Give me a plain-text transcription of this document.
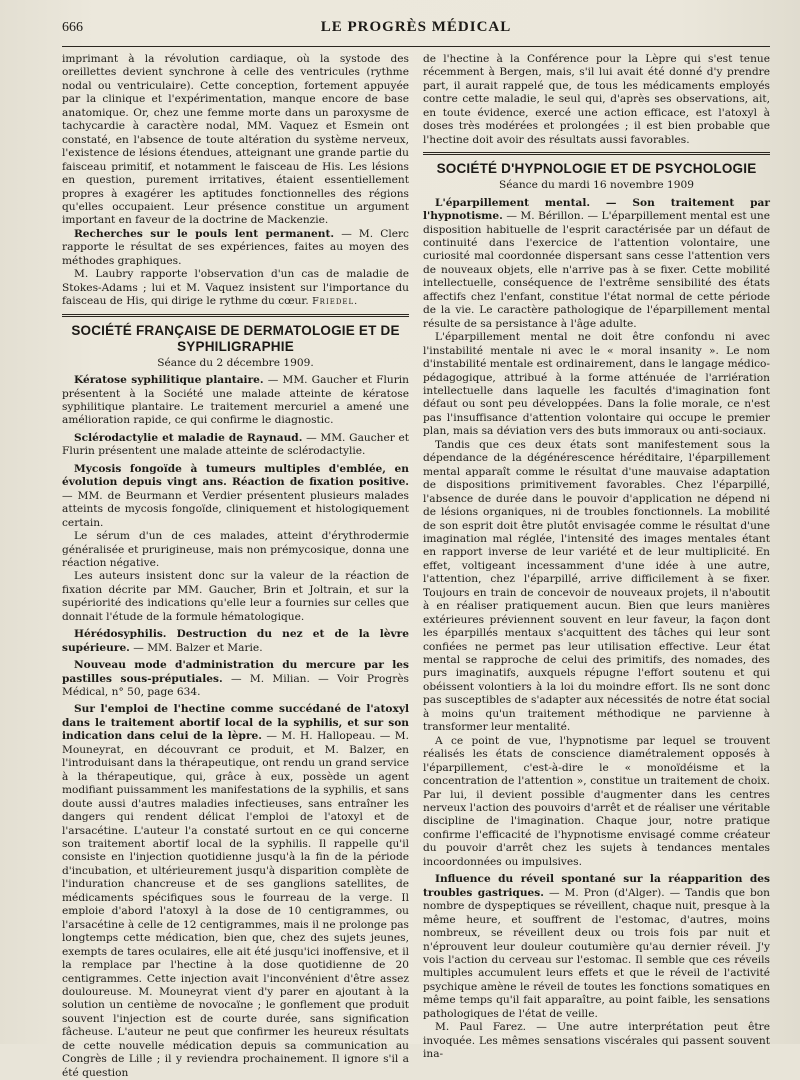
666	LE PROGRÈS MÉDICAL

imprimant à la révolution cardiaque, où la systode des oreillettes devient synchrone à celle des ventricules (rythme nodal ou ventriculaire). Cette conception, fortement appuyée par la clinique et l'expérimentation, manque encore de base anatomique. Or, chez une femme morte dans un paroxysme de tachycardie à caractère nodal, MM. Vaquez et Esmein ont constaté, en l'absence de toute altération du système nerveux, l'existence de lésions étendues, atteignant une grande partie du faisceau primitif, et notamment le faisceau de His. Les lésions en question, purement irritatives, étaient essentiellement propres à exagérer les aptitudes fonctionnelles des régions qu'elles occupaient. Leur présence constitue un argument important en faveur de la doctrine de Mackenzie.

Recherches sur le pouls lent permanent. — M. Clerc rapporte le résultat de ses expériences, faites au moyen des méthodes graphiques.

M. Laubry rapporte l'observation d'un cas de maladie de Stokes-Adams ; lui et M. Vaquez insistent sur l'importance du faisceau de His, qui dirige le rythme du cœur. Friedel.

SOCIÉTÉ FRANÇAISE DE DERMATOLOGIE ET DE SYPHILIGRAPHIE
Séance du 2 décembre 1909.

Kératose syphilitique plantaire. — MM. Gaucher et Flurin présentent à la Société une malade atteinte de kératose syphilitique plantaire. Le traitement mercuriel a amené une amélioration rapide, ce qui confirme le diagnostic.

Sclérodactylie et maladie de Raynaud. — MM. Gaucher et Flurin présentent une malade atteinte de sclérodactylie.

Mycosis fongoïde à tumeurs multiples d'emblée, en évolution depuis vingt ans. Réaction de fixation positive. — MM. de Beurmann et Verdier présentent plusieurs malades atteints de mycosis fongoïde, cliniquement et histologiquement certain.

Le sérum d'un de ces malades, atteint d'érythrodermie généralisée et prurigineuse, mais non prémycosique, donna une réaction négative.

Les auteurs insistent donc sur la valeur de la réaction de fixation décrite par MM. Gaucher, Brin et Joltrain, et sur la supériorité des indications qu'elle leur a fournies sur celles que donnait l'étude de la formule hématologique.

Hérédosyphilis. Destruction du nez et de la lèvre supérieure. — MM. Balzer et Marie.

Nouveau mode d'administration du mercure par les pastilles sous-préputiales. — M. Milian. — Voir Progrès Médical, n° 50, page 634.

Sur l'emploi de l'hectine comme succédané de l'atoxyl dans le traitement abortif local de la syphilis, et sur son indication dans celui de la lèpre. — M. H. Hallopeau. — M. Mouneyrat, en découvrant ce produit, et M. Balzer, en l'introduisant dans la thérapeutique, ont rendu un grand service à la thérapeutique, qui, grâce à eux, possède un agent modifiant puissamment les manifestations de la syphilis, et sans doute aussi d'autres maladies infectieuses, sans entraîner les dangers qui rendent délicat l'emploi de l'atoxyl et de l'arsacétine. L'auteur l'a constaté surtout en ce qui concerne son traitement abortif local de la syphilis. Il rappelle qu'il consiste en l'injection quotidienne jusqu'à la fin de la période d'incubation, et ultérieurement jusqu'à disparition complète de l'induration chancreuse et de ses ganglions satellites, de médicaments spécifiques sous le fourreau de la verge. Il emploie d'abord l'atoxyl à la dose de 10 centigrammes, ou l'arsacétine à celle de 12 centigrammes, mais il ne prolonge pas longtemps cette médication, bien que, chez des sujets jeunes, exempts de tares oculaires, elle ait été jusqu'ici inoffensive, et il la remplace par l'hectine à la dose quotidienne de 20 centigrammes. Cette injection avait l'inconvénient d'être assez douloureuse. M. Mouneyrat vient d'y parer en ajoutant à la solution un centième de novocaïne ; le gonflement que produit souvent l'injection est de courte durée, sans signification fâcheuse. L'auteur ne peut que confirmer les heureux résultats de cette nouvelle médication depuis sa communication au Congrès de Lille ; il y reviendra prochainement. Il ignore s'il a été question

de l'hectine à la Conférence pour la Lèpre qui s'est tenue récemment à Bergen, mais, s'il lui avait été donné d'y prendre part, il aurait rappelé que, de tous les médicaments employés contre cette maladie, le seul qui, d'après ses observations, ait, en toute évidence, exercé une action efficace, est l'atoxyl à doses très modérées et prolongées ; il est bien probable que l'hectine doit avoir des résultats aussi favorables.

SOCIÉTÉ D'HYPNOLOGIE ET DE PSYCHOLOGIE
Séance du mardi 16 novembre 1909

L'éparpillement mental. — Son traitement par l'hypnotisme. — M. Bérillon. — L'éparpillement mental est une disposition habituelle de l'esprit caractérisée par un défaut de continuité dans l'exercice de l'attention volontaire, une curiosité mal coordonnée dispersant sans cesse l'attention vers de nouveaux objets, elle n'arrive pas à se fixer. Cette mobilité intellectuelle, conséquence de l'extrême sensibilité des états affectifs chez l'enfant, constitue l'état normal de cette période de la vie. Le caractère pathologique de l'éparpillement mental résulte de sa persistance à l'âge adulte.

L'éparpillement mental ne doit être confondu ni avec l'instabilité mentale ni avec le « moral insanity ». Le nom d'instabilité mentale est ordinairement, dans le langage médico-pédagogique, attribué à la forme atténuée de l'arriération intellectuelle dans laquelle les facultés d'imagination font défaut ou sont peu développées. Dans la folie morale, ce n'est pas l'insuffisance d'attention volontaire qui occupe le premier plan, mais sa déviation vers des buts immoraux ou anti-sociaux.

Tandis que ces deux états sont manifestement sous la dépendance de la dégénérescence héréditaire, l'éparpillement mental apparaît comme le résultat d'une mauvaise adaptation de dispositions primitivement favorables. Chez l'éparpillé, l'absence de durée dans le pouvoir d'application ne dépend ni de lésions organiques, ni de troubles fonctionnels. La mobilité de son esprit doit être plutôt envisagée comme le résultat d'une imagination mal réglée, l'intensité des images mentales étant en rapport inverse de leur variété et de leur multiplicité. En effet, voltigeant incessamment d'une idée à une autre, l'attention, chez l'éparpillé, arrive difficilement à se fixer. Toujours en train de concevoir de nouveaux projets, il n'aboutit à en réaliser pratiquement aucun. Bien que leurs manières extérieures préviennent souvent en leur faveur, la façon dont les éparpillés mentaux s'acquittent des tâches qui leur sont confiées ne permet pas leur utilisation effective. Leur état mental se rapproche de celui des primitifs, des nomades, des purs imaginatifs, auxquels répugne l'effort soutenu et qui obéissent volontiers à la loi du moindre effort. Ils ne sont donc pas susceptibles de s'adapter aux nécessités de notre état social à moins qu'un traitement méthodique ne parvienne à transformer leur mentalité.

A ce point de vue, l'hypnotisme par lequel se trouvent réalisés les états de conscience diamétralement opposés à l'éparpillement, c'est-à-dire le « monoïdéisme et la concentration de l'attention », constitue un traitement de choix. Par lui, il devient possible d'augmenter dans les centres nerveux l'action des pouvoirs d'arrêt et de réaliser une véritable discipline de l'imagination. Chaque jour, notre pratique confirme l'efficacité de l'hypnotisme envisagé comme créateur du pouvoir d'arrêt chez les sujets à tendances mentales incoordonnées ou impulsives.

Influence du réveil spontané sur la réapparition des troubles gastriques. — M. Pron (d'Alger). — Tandis que bon nombre de dyspeptiques se réveillent, chaque nuit, presque à la même heure, et souffrent de l'estomac, d'autres, moins nombreux, se réveillent deux ou trois fois par nuit et n'éprouvent leur douleur coutumière qu'au dernier réveil. J'y vois l'action du cerveau sur l'estomac. Il semble que ces réveils multiples accumulent leurs effets et que le réveil de l'activité psychique amène le réveil de toutes les fonctions somatiques en même temps qu'il fait apparaître, au point faible, les sensations pathologiques de l'état de veille.

M. Paul Farez. — Une autre interprétation peut être invoquée. Les mêmes sensations viscérales qui passent souvent ina-
